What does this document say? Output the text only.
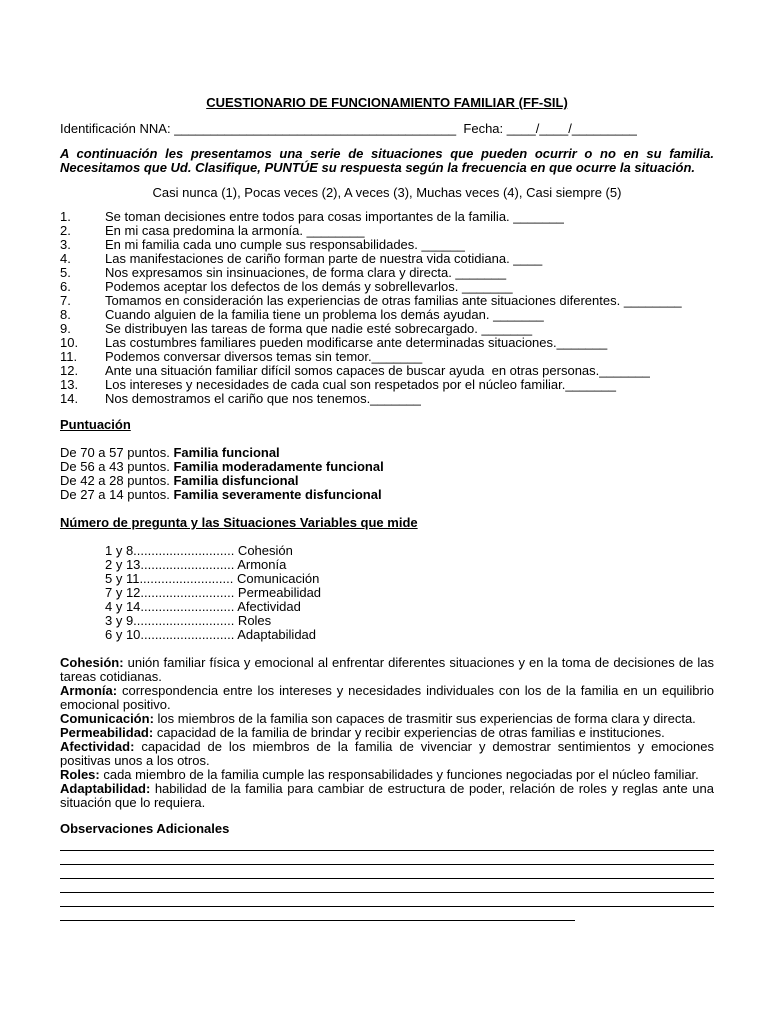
CUESTIONARIO DE FUNCIONAMIENTO FAMILIAR (FF-SIL)
Identificación NNA: _______________________________________ Fecha: ____/____/_________
A continuación les presentamos una serie de situaciones que pueden ocurrir o no en su familia. Necesitamos que Ud. Clasifique, PUNTÚE su respuesta según la frecuencia en que ocurre la situación.
Casi nunca (1), Pocas veces (2), A veces (3), Muchas veces (4), Casi siempre (5)
1.	Se toman decisiones entre todos para cosas importantes de la familia. _______
2.	En mi casa predomina la armonía. ________
3.	En mi familia cada uno cumple sus responsabilidades. ______
4.	Las manifestaciones de cariño forman parte de nuestra vida cotidiana. ____
5.	Nos expresamos sin insinuaciones, de forma clara y directa. _______
6.	Podemos aceptar los defectos de los demás y sobrellevarlos. _______
7.	Tomamos en consideración las experiencias de otras familias ante situaciones diferentes. ________
8.	Cuando alguien de la familia tiene un problema los demás ayudan. _______
9.	Se distribuyen las tareas de forma que nadie esté sobrecargado. _______
10.	Las costumbres familiares pueden modificarse ante determinadas situaciones._______
11.	Podemos conversar diversos temas sin temor._______
12.	Ante una situación familiar difícil somos capaces de buscar ayuda  en otras personas._______
13.	Los intereses y necesidades de cada cual son respetados por el núcleo familiar._______
14.	Nos demostramos el cariño que nos tenemos._______
Puntuación
De 70 a 57 puntos. Familia funcional
De 56 a 43 puntos. Familia moderadamente funcional
De 42 a 28 puntos. Familia disfuncional
De 27 a 14 puntos. Familia severamente disfuncional
Número de pregunta y las Situaciones Variables que mide
1 y 8............................ Cohesión
2 y 13.......................... Armonía
5 y 11.......................... Comunicación
7 y 12.......................... Permeabilidad
4 y 14.......................... Afectividad
3 y 9............................ Roles
6 y 10.......................... Adaptabilidad
Cohesión: unión familiar física y emocional al enfrentar diferentes situaciones y en la toma de decisiones de las tareas cotidianas.
Armonía: correspondencia entre los intereses y necesidades individuales con los de la familia en un equilibrio emocional positivo.
Comunicación: los miembros de la familia son capaces de trasmitir sus experiencias de forma clara y directa.
Permeabilidad: capacidad de la familia de brindar y recibir experiencias de otras familias e instituciones.
Afectividad: capacidad de los miembros de la familia de vivenciar y demostrar sentimientos y emociones positivas unos a los otros.
Roles: cada miembro de la familia cumple las responsabilidades y funciones negociadas por el núcleo familiar.
Adaptabilidad: habilidad de la familia para cambiar de estructura de poder, relación de roles y reglas ante una situación que lo requiera.
Observaciones Adicionales
